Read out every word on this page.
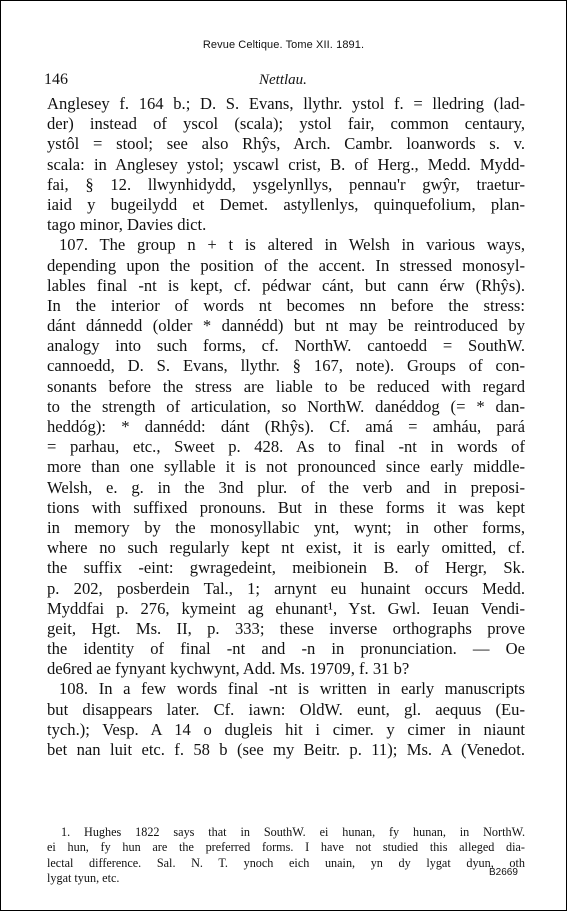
Revue Celtique. Tome XII. 1891.
146	Nettlau.
Anglesey f. 164 b.; D. S. Evans, llythr. ystol f. = lledring (lad-
der) instead of yscol (scala); ystol fair, common centaury,
ystôl = stool; see also Rhŷs, Arch. Cambr. loanwords s. v.
scala: in Anglesey ystol; yscawl crist, B. of Herg., Medd. Mydd-
fai, § 12. llwynhidydd, ysgelynllys, pennau'r gwŷr, traetur-
iaid y bugeilydd et Demet. astyllenlys, quinquefolium, plan-
tago minor, Davies dict.
107. The group n + t is altered in Welsh in various ways,
depending upon the position of the accent. In stressed monosyl-
lables final -nt is kept, cf. pédwar cánt, but cann érw (Rhŷs).
In the interior of words nt becomes nn before the stress:
dánt dánnedd (older * dannédd) but nt may be reintroduced by
analogy into such forms, cf. NorthW. cantoedd = SouthW.
cannoedd, D. S. Evans, llythr. § 167, note). Groups of con-
sonants before the stress are liable to be reduced with regard
to the strength of articulation, so NorthW. danéddog (= * dan-
heddóg): * dannédd: dánt (Rhŷs). Cf. amá = amháu, pará
= parhau, etc., Sweet p. 428. As to final -nt in words of
more than one syllable it is not pronounced since early middle-
Welsh, e. g. in the 3nd plur. of the verb and in preposi-
tions with suffixed pronouns. But in these forms it was kept
in memory by the monosyllabic ynt, wynt; in other forms,
where no such regularly kept nt exist, it is early omitted, cf.
the suffix -eint: gwragedeint, meibionein B. of Hergr, Sk.
p. 202, posberdein Tal., 1; arnynt eu hunaint occurs Medd.
Myddfai p. 276, kymeint ag ehunant¹, Yst. Gwl. Ieuan Vendi-
geit, Hgt. Ms. II, p. 333; these inverse orthographs prove
the identity of final -nt and -n in pronunciation. — Oe
de6red ae fynyant kychwynt, Add. Ms. 19709, f. 31 b?
108. In a few words final -nt is written in early manuscripts
but disappears later. Cf. iawn: OldW. eunt, gl. aequus (Eu-
tych.); Vesp. A 14 o dugleis hit i cimer. y cimer in niaunt
bet nan luit etc. f. 58 b (see my Beitr. p. 11); Ms. A (Venedot.
1. Hughes 1822 says that in SouthW. ei hunan, fy hunan, in NorthW.
ei hun, fy hun are the preferred forms. I have not studied this alleged dia-
lectal difference. Sal. N. T. ynoch eich unain, yn dy lygat dyun, oth
lygat tyun, etc.	B2669
